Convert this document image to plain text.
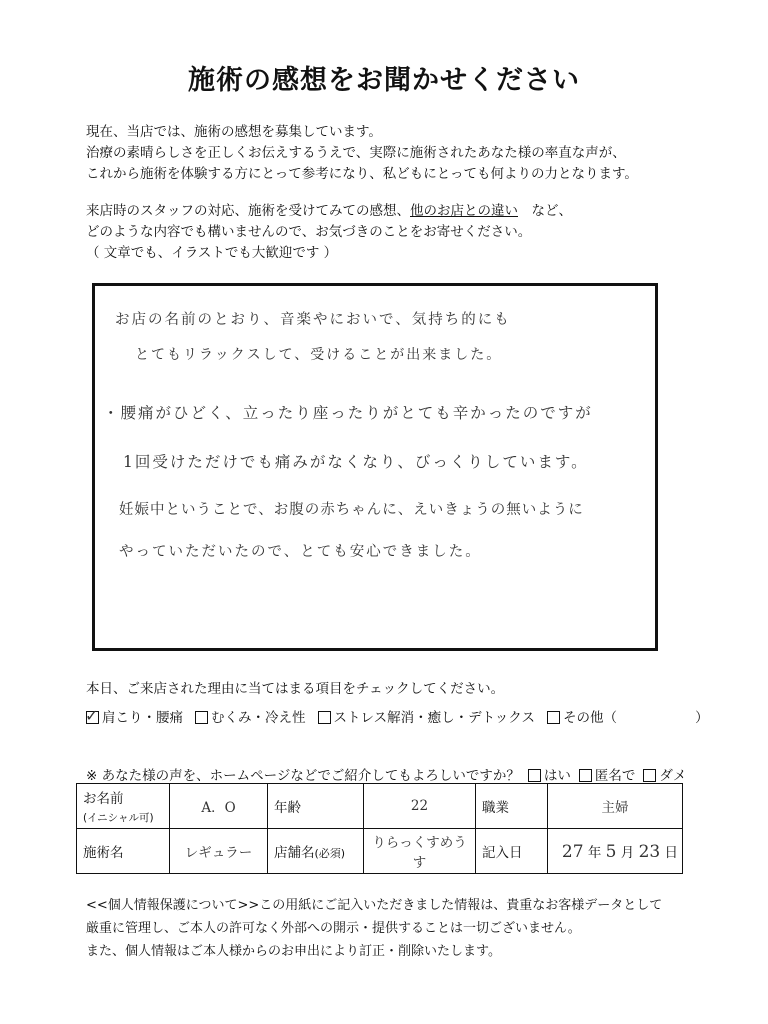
施術の感想をお聞かせください
現在、当店では、施術の感想を募集しています。
治療の素晴らしさを正しくお伝えするうえで、実際に施術されたあなた様の率直な声が、
これから施術を体験する方にとって参考になり、私どもにとっても何よりの力となります。
来店時のスタッフの対応、施術を受けてみての感想、他のお店との違い　 など、
どのような内容でも構いませんので、お気づきのことをお寄せください。
（ 文章でも、イラストでも大歓迎です ）
お店の名前のとおり、音楽やにおいで、気持ち的にも
とてもリラックスして、受けることが出来ました。
・腰痛がひどく、立ったり座ったりがとても辛かったのですが
1回受けただけでも痛みがなくなり、びっくりしています。
妊娠中ということで、お腹の赤ちゃんに、えいきょうの無いように
やっていただいたので、とても安心できました。
本日、ご来店された理由に当てはまる項目をチェックしてください。
✓ 肩こり・腰痛 むくみ・冷え性 ストレス解消・癒し・デトックス その他（	）
※ あなた様の声を、ホームページなどでご紹介してもよろしいですか？ はい 匿名で ダメ
お名前
(イニシャル可)	A．O	年齢	22	職業	主婦
施術名	レギュラー	店舗名(必須)	りらっくすめうす	記入日	27 年 5 月 23 日
<<個人情報保護について>>この用紙にご記入いただきました情報は、貴重なお客様データとして
厳重に管理し、ご本人の許可なく外部への開示・提供することは一切ございません。
また、個人情報はご本人様からのお申出により訂正・削除いたします。
